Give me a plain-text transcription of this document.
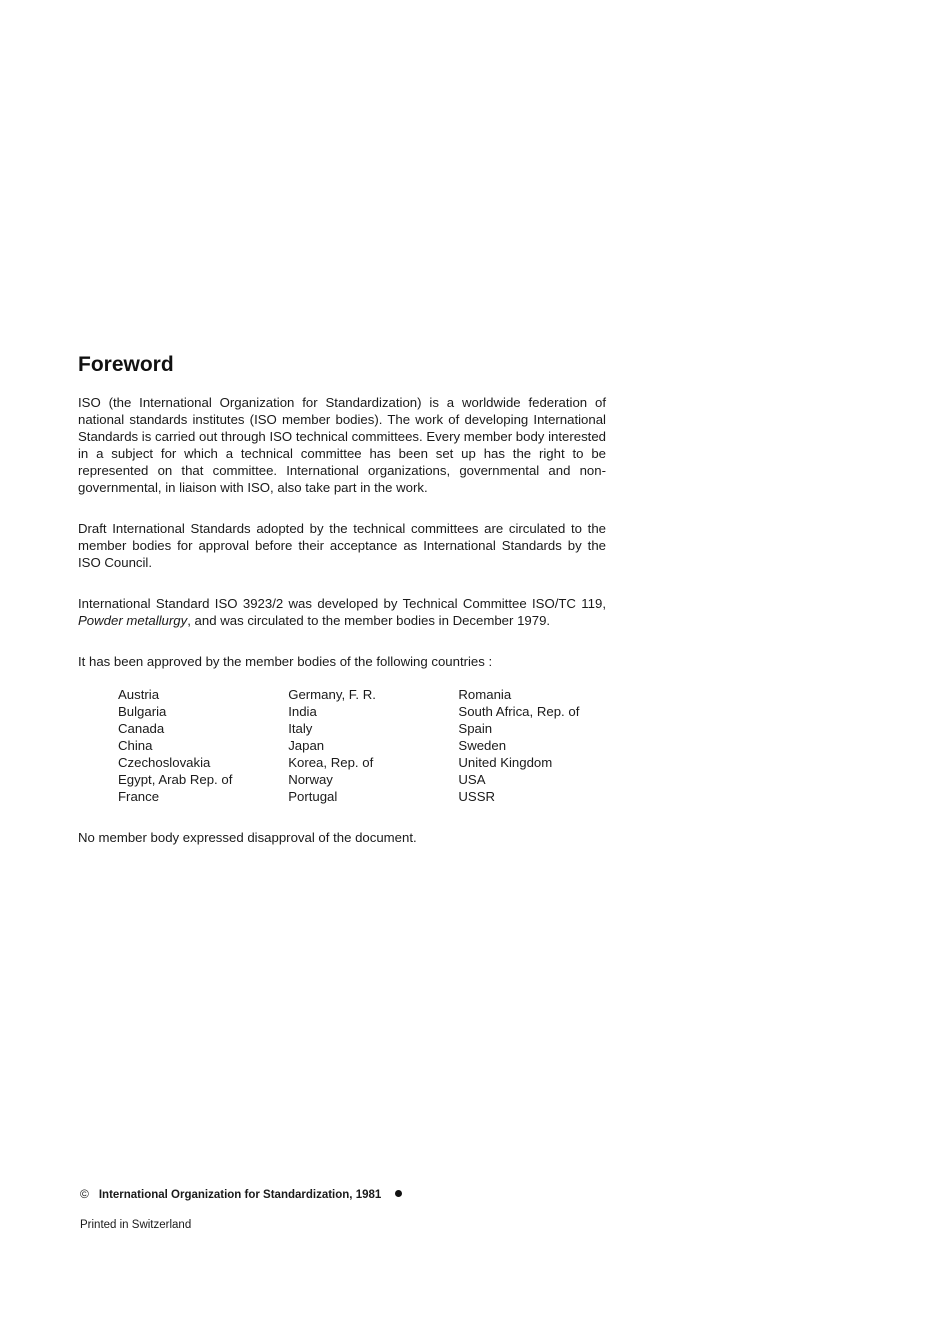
Foreword

ISO (the International Organization for Standardization) is a worldwide federation of national standards institutes (ISO member bodies). The work of developing International Standards is carried out through ISO technical committees. Every member body interested in a subject for which a technical committee has been set up has the right to be represented on that committee. International organizations, governmental and non-governmental, in liaison with ISO, also take part in the work.

Draft International Standards adopted by the technical committees are circulated to the member bodies for approval before their acceptance as International Standards by the ISO Council.

International Standard ISO 3923/2 was developed by Technical Committee ISO/TC 119, Powder metallurgy, and was circulated to the member bodies in December 1979.

It has been approved by the member bodies of the following countries :

Austria
Bulgaria
Canada
China
Czechoslovakia
Egypt, Arab Rep. of
France
Germany, F. R.
India
Italy
Japan
Korea, Rep. of
Norway
Portugal
Romania
South Africa, Rep. of
Spain
Sweden
United Kingdom
USA
USSR

No member body expressed disapproval of the document.

© International Organization for Standardization, 1981
Printed in Switzerland
